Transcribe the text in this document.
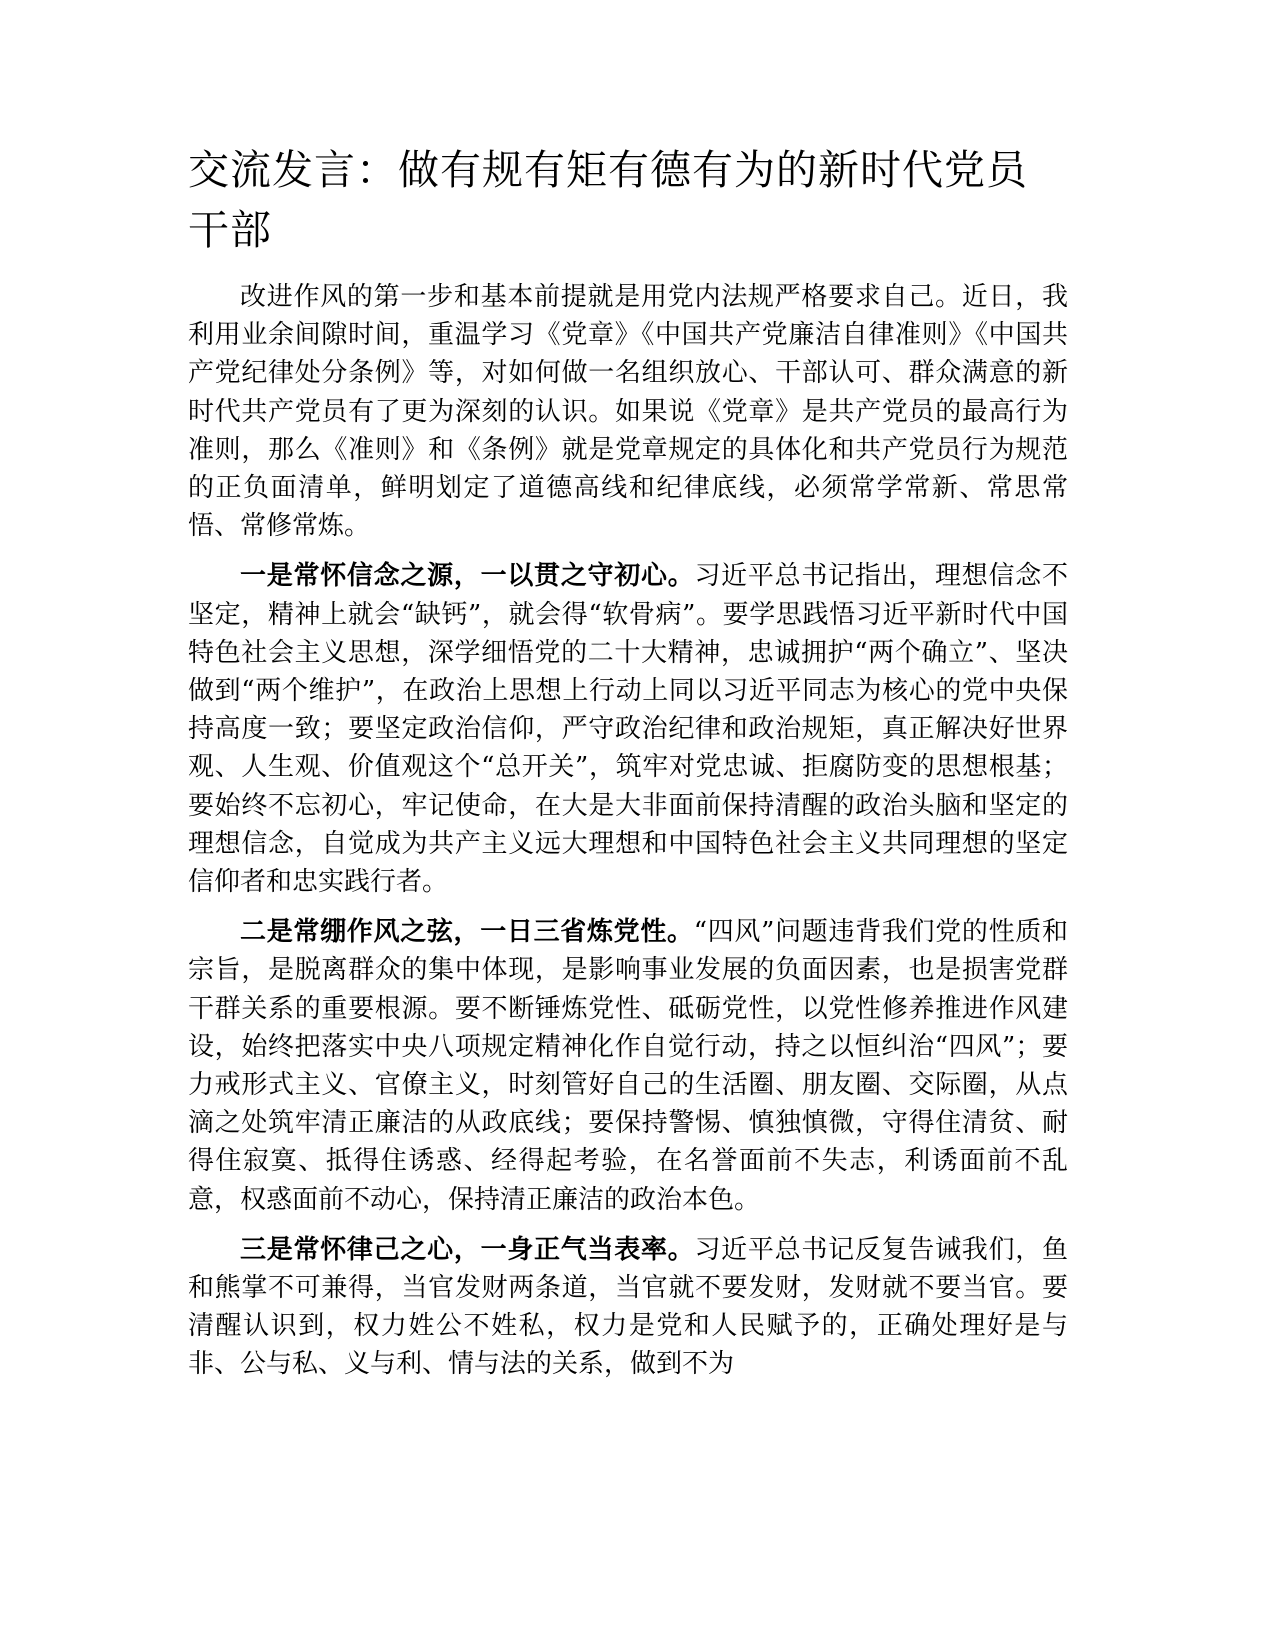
交流发言：做有规有矩有德有为的新时代党员干部

改进作风的第一步和基本前提就是用党内法规严格要求自己。近日，我利用业余间隙时间，重温学习《党章》《中国共产党廉洁自律准则》《中国共产党纪律处分条例》等，对如何做一名组织放心、干部认可、群众满意的新时代共产党员有了更为深刻的认识。如果说《党章》是共产党员的最高行为准则，那么《准则》和《条例》就是党章规定的具体化和共产党员行为规范的正负面清单，鲜明划定了道德高线和纪律底线，必须常学常新、常思常悟、常修常炼。

一是常怀信念之源，一以贯之守初心。习近平总书记指出，理想信念不坚定，精神上就会“缺钙”，就会得“软骨病”。要学思践悟习近平新时代中国特色社会主义思想，深学细悟党的二十大精神，忠诚拥护“两个确立”、坚决做到“两个维护”，在政治上思想上行动上同以习近平同志为核心的党中央保持高度一致；要坚定政治信仰，严守政治纪律和政治规矩，真正解决好世界观、人生观、价值观这个“总开关”，筑牢对党忠诚、拒腐防变的思想根基；要始终不忘初心，牢记使命，在大是大非面前保持清醒的政治头脑和坚定的理想信念，自觉成为共产主义远大理想和中国特色社会主义共同理想的坚定信仰者和忠实践行者。

二是常绷作风之弦，一日三省炼党性。“四风”问题违背我们党的性质和宗旨，是脱离群众的集中体现，是影响事业发展的负面因素，也是损害党群干群关系的重要根源。要不断锤炼党性、砥砺党性，以党性修养推进作风建设，始终把落实中央八项规定精神化作自觉行动，持之以恒纠治“四风”；要力戒形式主义、官僚主义，时刻管好自己的生活圈、朋友圈、交际圈，从点滴之处筑牢清正廉洁的从政底线；要保持警惕、慎独慎微，守得住清贫、耐得住寂寞、抵得住诱惑、经得起考验，在名誉面前不失志，利诱面前不乱意，权惑面前不动心，保持清正廉洁的政治本色。

三是常怀律己之心，一身正气当表率。习近平总书记反复告诫我们，鱼和熊掌不可兼得，当官发财两条道，当官就不要发财，发财就不要当官。要清醒认识到，权力姓公不姓私，权力是党和人民赋予的，正确处理好是与非、公与私、义与利、情与法的关系，做到不为
